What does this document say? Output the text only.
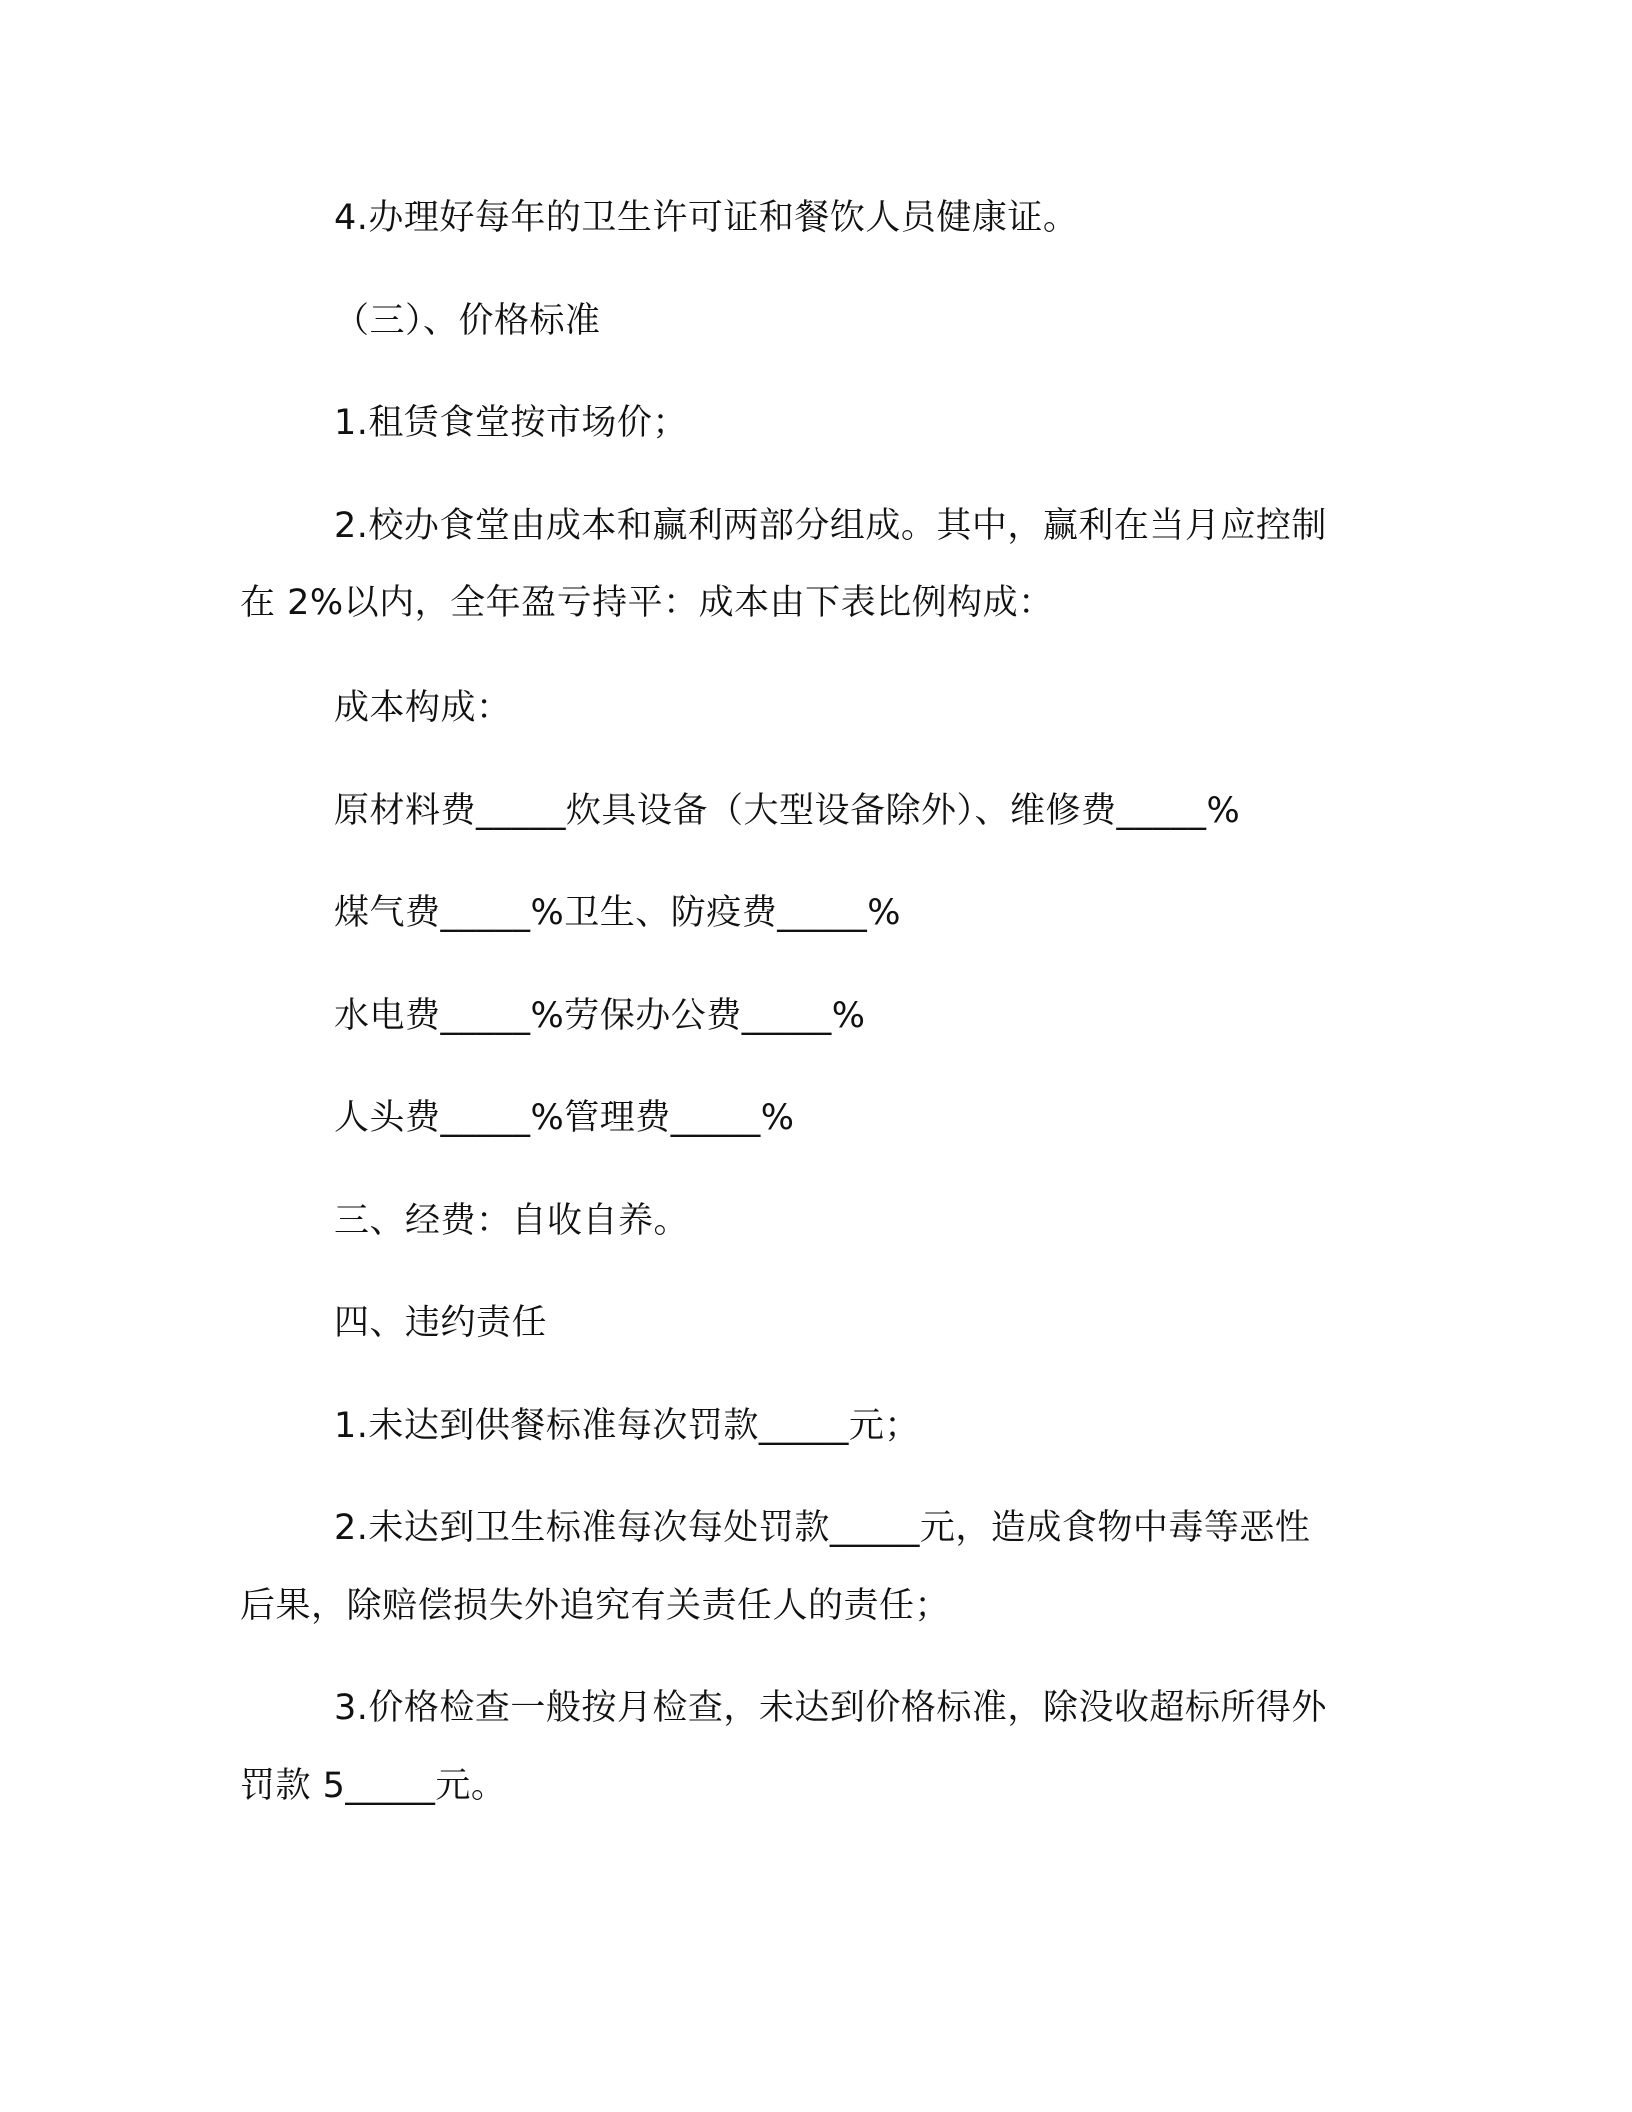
4.办理好每年的卫生许可证和餐饮人员健康证。
（三）、价格标准
1.租赁食堂按市场价；
2.校办食堂由成本和赢利两部分组成。其中，赢利在当月应控制
在 2%以内，全年盈亏持平：成本由下表比例构成：
成本构成：
原材料费_____炊具设备（大型设备除外）、维修费_____%
煤气费_____%卫生、防疫费_____%
水电费_____%劳保办公费_____%
人头费_____%管理费_____%
三、经费：自收自养。
四、违约责任
1.未达到供餐标准每次罚款_____元；
2.未达到卫生标准每次每处罚款_____元，造成食物中毒等恶性
后果，除赔偿损失外追究有关责任人的责任；
3.价格检查一般按月检查，未达到价格标准，除没收超标所得外
罚款 5_____元。
